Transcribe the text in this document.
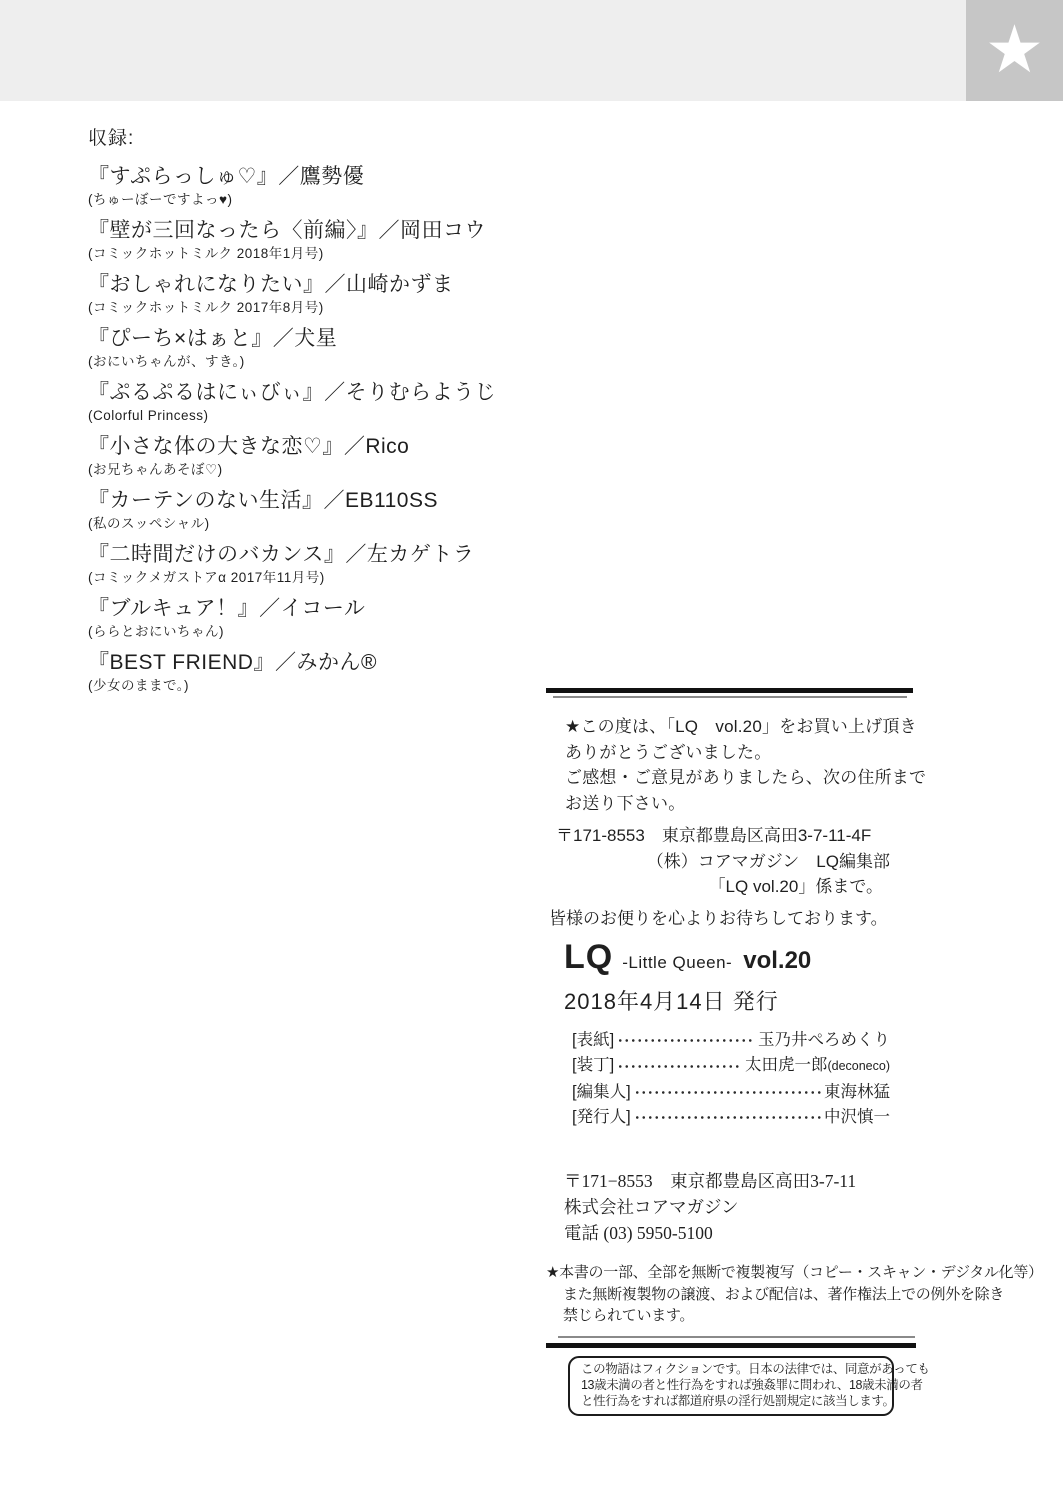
★
収録:
『すぷらっしゅ♡』／鷹勢優
(ちゅーぼーですよっ♥)
『壁が三回なったら〈前編〉』／岡田コウ
(コミックホットミルク 2018年1月号)
『おしゃれになりたい』／山崎かずま
(コミックホットミルク 2017年8月号)
『ぴーち×はぁと』／犬星
(おにいちゃんが、すき。)
『ぷるぷるはにぃびぃ』／そりむらようじ
(Colorful Princess)
『小さな体の大きな恋♡』／Rico
(お兄ちゃんあそぼ♡)
『カーテンのない生活』／EB110SS
(私のスッペシャル)
『二時間だけのバカンス』／左カゲトラ
(コミックメガストアα 2017年11月号)
『ブルキュア！』／イコール
(ららとおにいちゃん)
『BEST FRIEND』／みかん®
(少女のままで。)
★この度は、「LQ　vol.20」をお買い上げ頂き
ありがとうございました。
ご感想・ご意見がありましたら、次の住所まで
お送り下さい。
〒171-8553　東京都豊島区高田3-7-11-4F
（株）コアマガジン　LQ編集部
「LQ vol.20」係まで。
皆様のお便りを心よりお待ちしております。
LQ -Little Queen- vol.20
2018年4月14日 発行
[表紙]	玉乃井ぺろめくり
[装丁]	太田虎一郎 (deconeco)
[編集人]	東海林猛
[発行人]	中沢慎一
〒171−8553　東京都豊島区高田3-7-11
株式会社コアマガジン
電話 (03) 5950-5100
★本書の一部、全部を無断で複製複写（コピー・スキャン・デジタル化等）
また無断複製物の譲渡、および配信は、著作権法上での例外を除き
禁じられています。
この物語はフィクションです。日本の法律では、同意があっても
13歳未満の者と性行為をすれば強姦罪に問われ、18歳未満の者
と性行為をすれば都道府県の淫行処罰規定に該当します。
